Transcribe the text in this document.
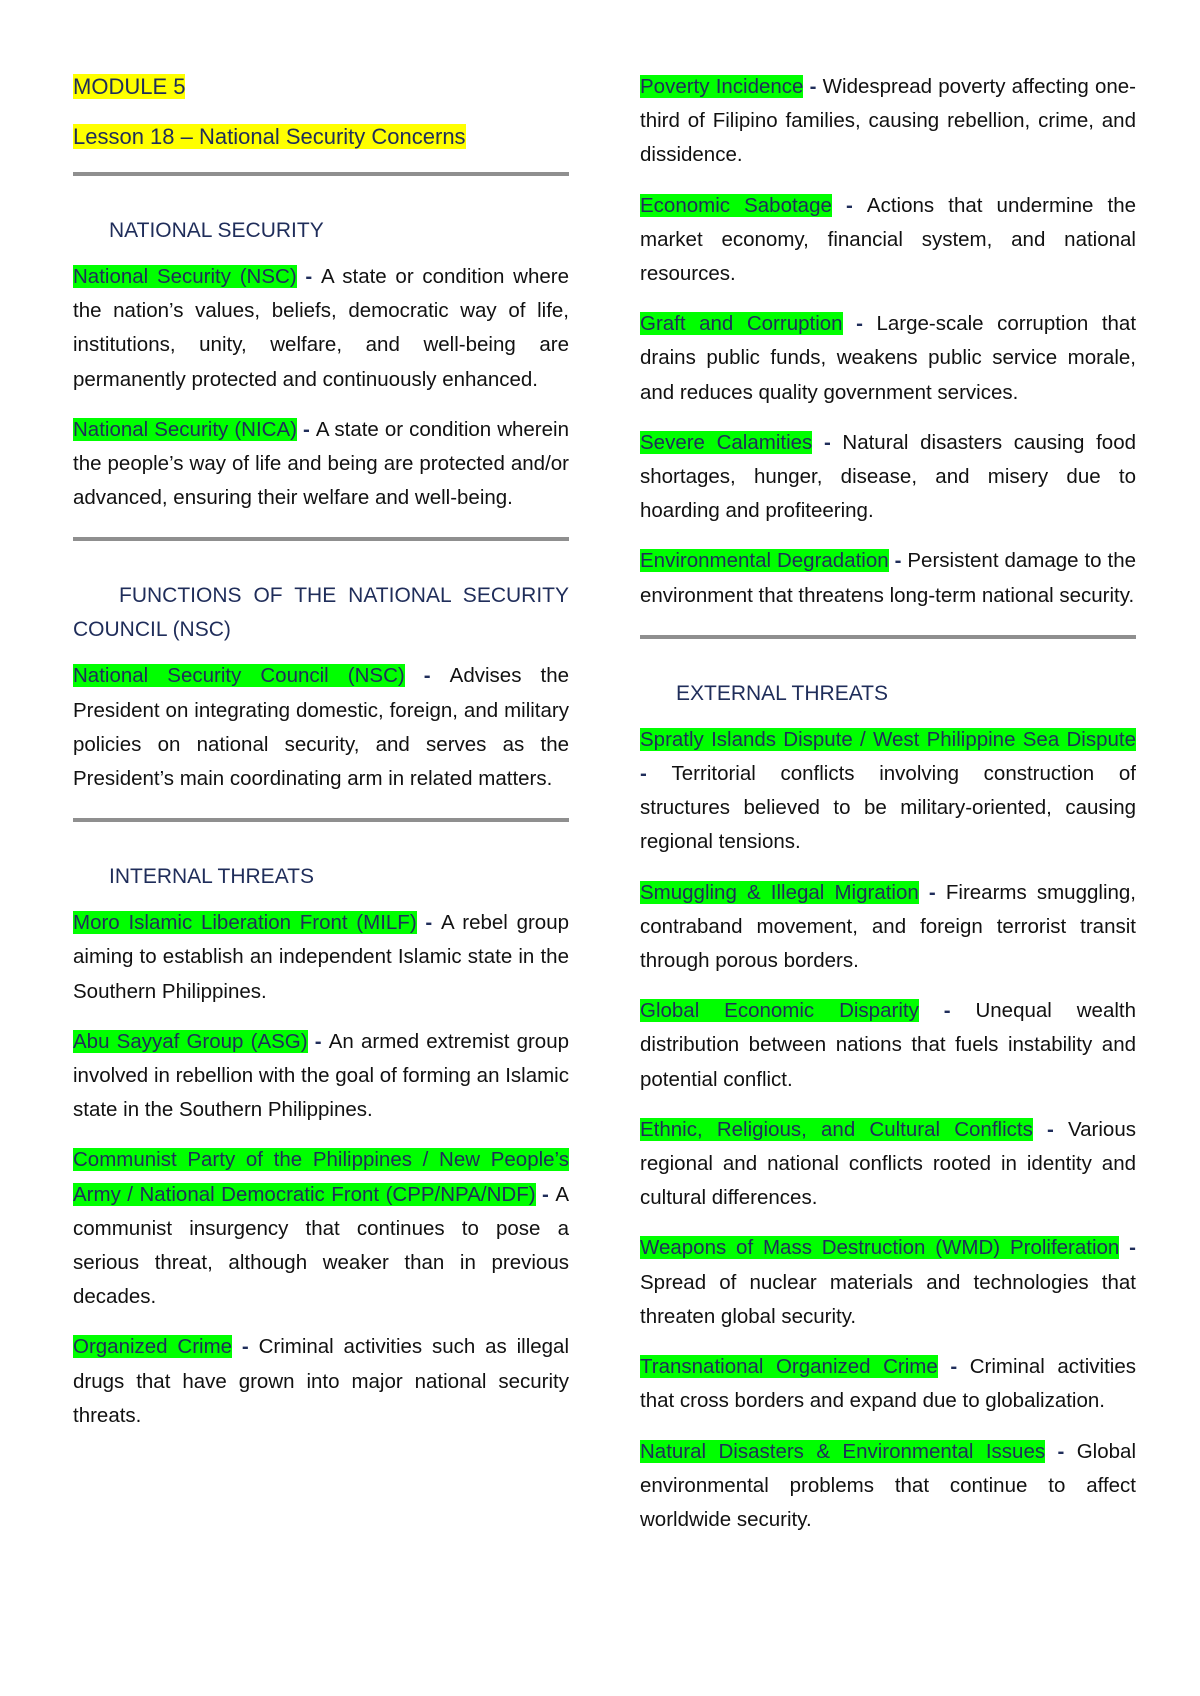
MODULE 5
Lesson 18 – National Security Concerns
NATIONAL SECURITY

National Security (NSC) - A state or condition where the nation’s values, beliefs, democratic way of life, institutions, unity, welfare, and well-being are permanently protected and continuously enhanced.

National Security (NICA) - A state or condition wherein the people’s way of life and being are protected and/or advanced, ensuring their welfare and well-being.

FUNCTIONS OF THE NATIONAL SECURITY COUNCIL (NSC)

National Security Council (NSC) - Advises the President on integrating domestic, foreign, and military policies on national security, and serves as the President’s main coordinating arm in related matters.

INTERNAL THREATS

Moro Islamic Liberation Front (MILF) - A rebel group aiming to establish an independent Islamic state in the Southern Philippines.

Abu Sayyaf Group (ASG) - An armed extremist group involved in rebellion with the goal of forming an Islamic state in the Southern Philippines.

Communist Party of the Philippines / New People’s Army / National Democratic Front (CPP/NPA/NDF) - A communist insurgency that continues to pose a serious threat, although weaker than in previous decades.

Organized Crime - Criminal activities such as illegal drugs that have grown into major national security threats.

Poverty Incidence - Widespread poverty affecting one-third of Filipino families, causing rebellion, crime, and dissidence.

Economic Sabotage - Actions that undermine the market economy, financial system, and national resources.

Graft and Corruption - Large-scale corruption that drains public funds, weakens public service morale, and reduces quality government services.

Severe Calamities - Natural disasters causing food shortages, hunger, disease, and misery due to hoarding and profiteering.

Environmental Degradation - Persistent damage to the environment that threatens long-term national security.

EXTERNAL THREATS

Spratly Islands Dispute / West Philippine Sea Dispute - Territorial conflicts involving construction of structures believed to be military-oriented, causing regional tensions.

Smuggling & Illegal Migration - Firearms smuggling, contraband movement, and foreign terrorist transit through porous borders.

Global Economic Disparity - Unequal wealth distribution between nations that fuels instability and potential conflict.

Ethnic, Religious, and Cultural Conflicts - Various regional and national conflicts rooted in identity and cultural differences.

Weapons of Mass Destruction (WMD) Proliferation - Spread of nuclear materials and technologies that threaten global security.

Transnational Organized Crime - Criminal activities that cross borders and expand due to globalization.

Natural Disasters & Environmental Issues - Global environmental problems that continue to affect worldwide security.
